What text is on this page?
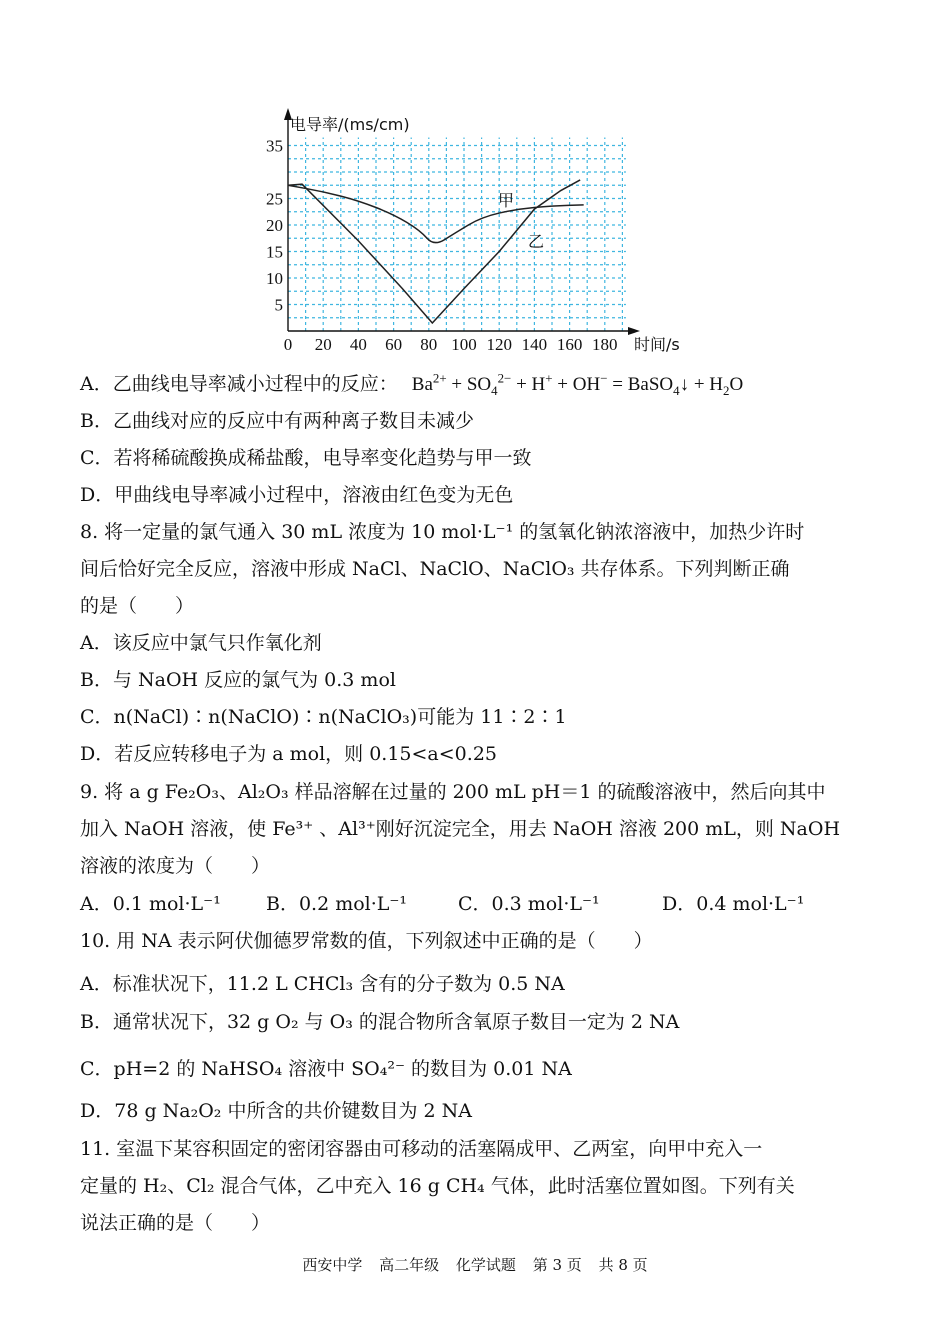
0 20 40 60 80 100 120 140 160 180
5
10
15
20
25
35
电导率/(ms/cm)
时间/s
甲
乙
A．乙曲线电导率减小过程中的反应： $Ba^{2+} + SO_4^{2-} + H^+ + OH^-$ = BaSO$_4$↓ + $H_2O$
B．乙曲线对应的反应中有两种离子数目未减少
C．若将稀硫酸换成稀盐酸，电导率变化趋势与甲一致
D．甲曲线电导率减小过程中，溶液由红色变为无色
8. 将一定量的氯气通入 30 mL 浓度为 10 mol·L⁻¹ 的氢氧化钠浓溶液中，加热少许时
间后恰好完全反应，溶液中形成 NaCl、NaClO、NaClO₃ 共存体系。下列判断正确
的是（　　）
A．该反应中氯气只作氧化剂
B．与 NaOH 反应的氯气为 0.3 mol
C．n(NaCl)∶n(NaClO)∶n(NaClO₃)可能为 11∶2∶1
D．若反应转移电子为 a mol，则 0.15<a<0.25
9. 将 a g Fe₂O₃、Al₂O₃ 样品溶解在过量的 200 mL pH＝1 的硫酸溶液中，然后向其中
加入 NaOH 溶液，使 Fe³⁺ 、Al³⁺刚好沉淀完全，用去 NaOH 溶液 200 mL，则 NaOH
溶液的浓度为（　　）
A．0.1 mol·L⁻¹ B．0.2 mol·L⁻¹	C．0.3 mol·L⁻¹	D．0.4 mol·L⁻¹
10. 用 NA 表示阿伏伽德罗常数的值，下列叙述中正确的是（　　）
A．标准状况下，11.2 L CHCl₃ 含有的分子数为 0.5 NA
B．通常状况下，32 g O₂ 与 O₃ 的混合物所含氧原子数目一定为 2 NA
C．pH=2 的 NaHSO₄ 溶液中 SO₄²⁻ 的数目为 0.01 NA
D．78 g Na₂O₂ 中所含的共价键数目为 2 NA
11. 室温下某容积固定的密闭容器由可移动的活塞隔成甲、乙两室，向甲中充入一
定量的 H₂、Cl₂ 混合气体，乙中充入 16 g CH₄ 气体，此时活塞位置如图。下列有关
说法正确的是（　　）
西安中学 高二年级 化学试题 第 3 页 共 8 页
